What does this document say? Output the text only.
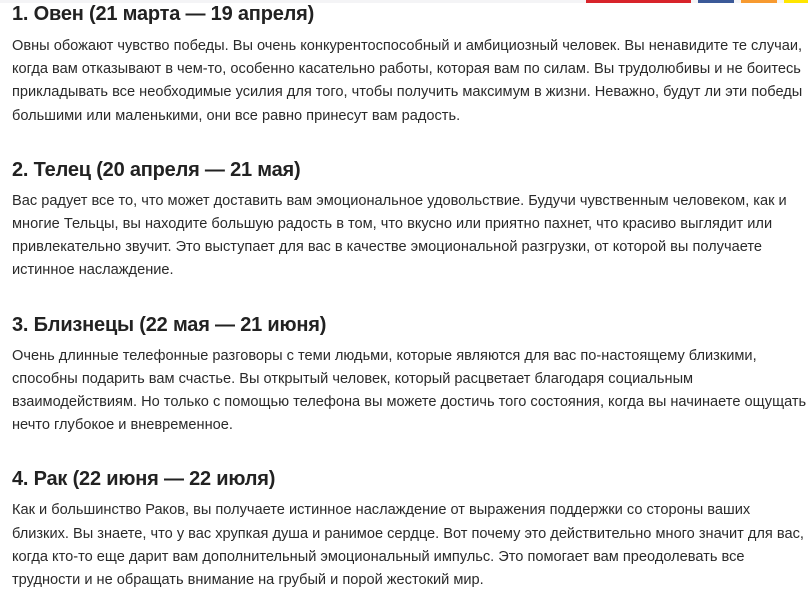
1. Овен (21 марта — 19 апреля)

Овны обожают чувство победы. Вы очень конкурентоспособный и амбициозный человек. Вы ненавидите те случаи, когда вам отказывают в чем-то, особенно касательно работы, которая вам по силам. Вы трудолюбивы и не боитесь прикладывать все необходимые усилия для того, чтобы получить максимум в жизни. Неважно, будут ли эти победы большими или маленькими, они все равно принесут вам радость.

2. Телец (20 апреля — 21 мая)

Вас радует все то, что может доставить вам эмоциональное удовольствие. Будучи чувственным человеком, как и многие Тельцы, вы находите большую радость в том, что вкусно или приятно пахнет, что красиво выглядит или привлекательно звучит. Это выступает для вас в качестве эмоциональной разгрузки, от которой вы получаете истинное наслаждение.

3. Близнецы (22 мая — 21 июня)

Очень длинные телефонные разговоры с теми людьми, которые являются для вас по-настоящему близкими, способны подарить вам счастье. Вы открытый человек, который расцветает благодаря социальным взаимодействиям. Но только с помощью телефона вы можете достичь того состояния, когда вы начинаете ощущать нечто глубокое и вневременное.

4. Рак (22 июня — 22 июля)

Как и большинство Раков, вы получаете истинное наслаждение от выражения поддержки со стороны ваших близких. Вы знаете, что у вас хрупкая душа и ранимое сердце. Вот почему это действительно много значит для вас, когда кто-то еще дарит вам дополнительный эмоциональный импульс. Это помогает вам преодолевать все трудности и не обращать внимание на грубый и порой жестокий мир.
